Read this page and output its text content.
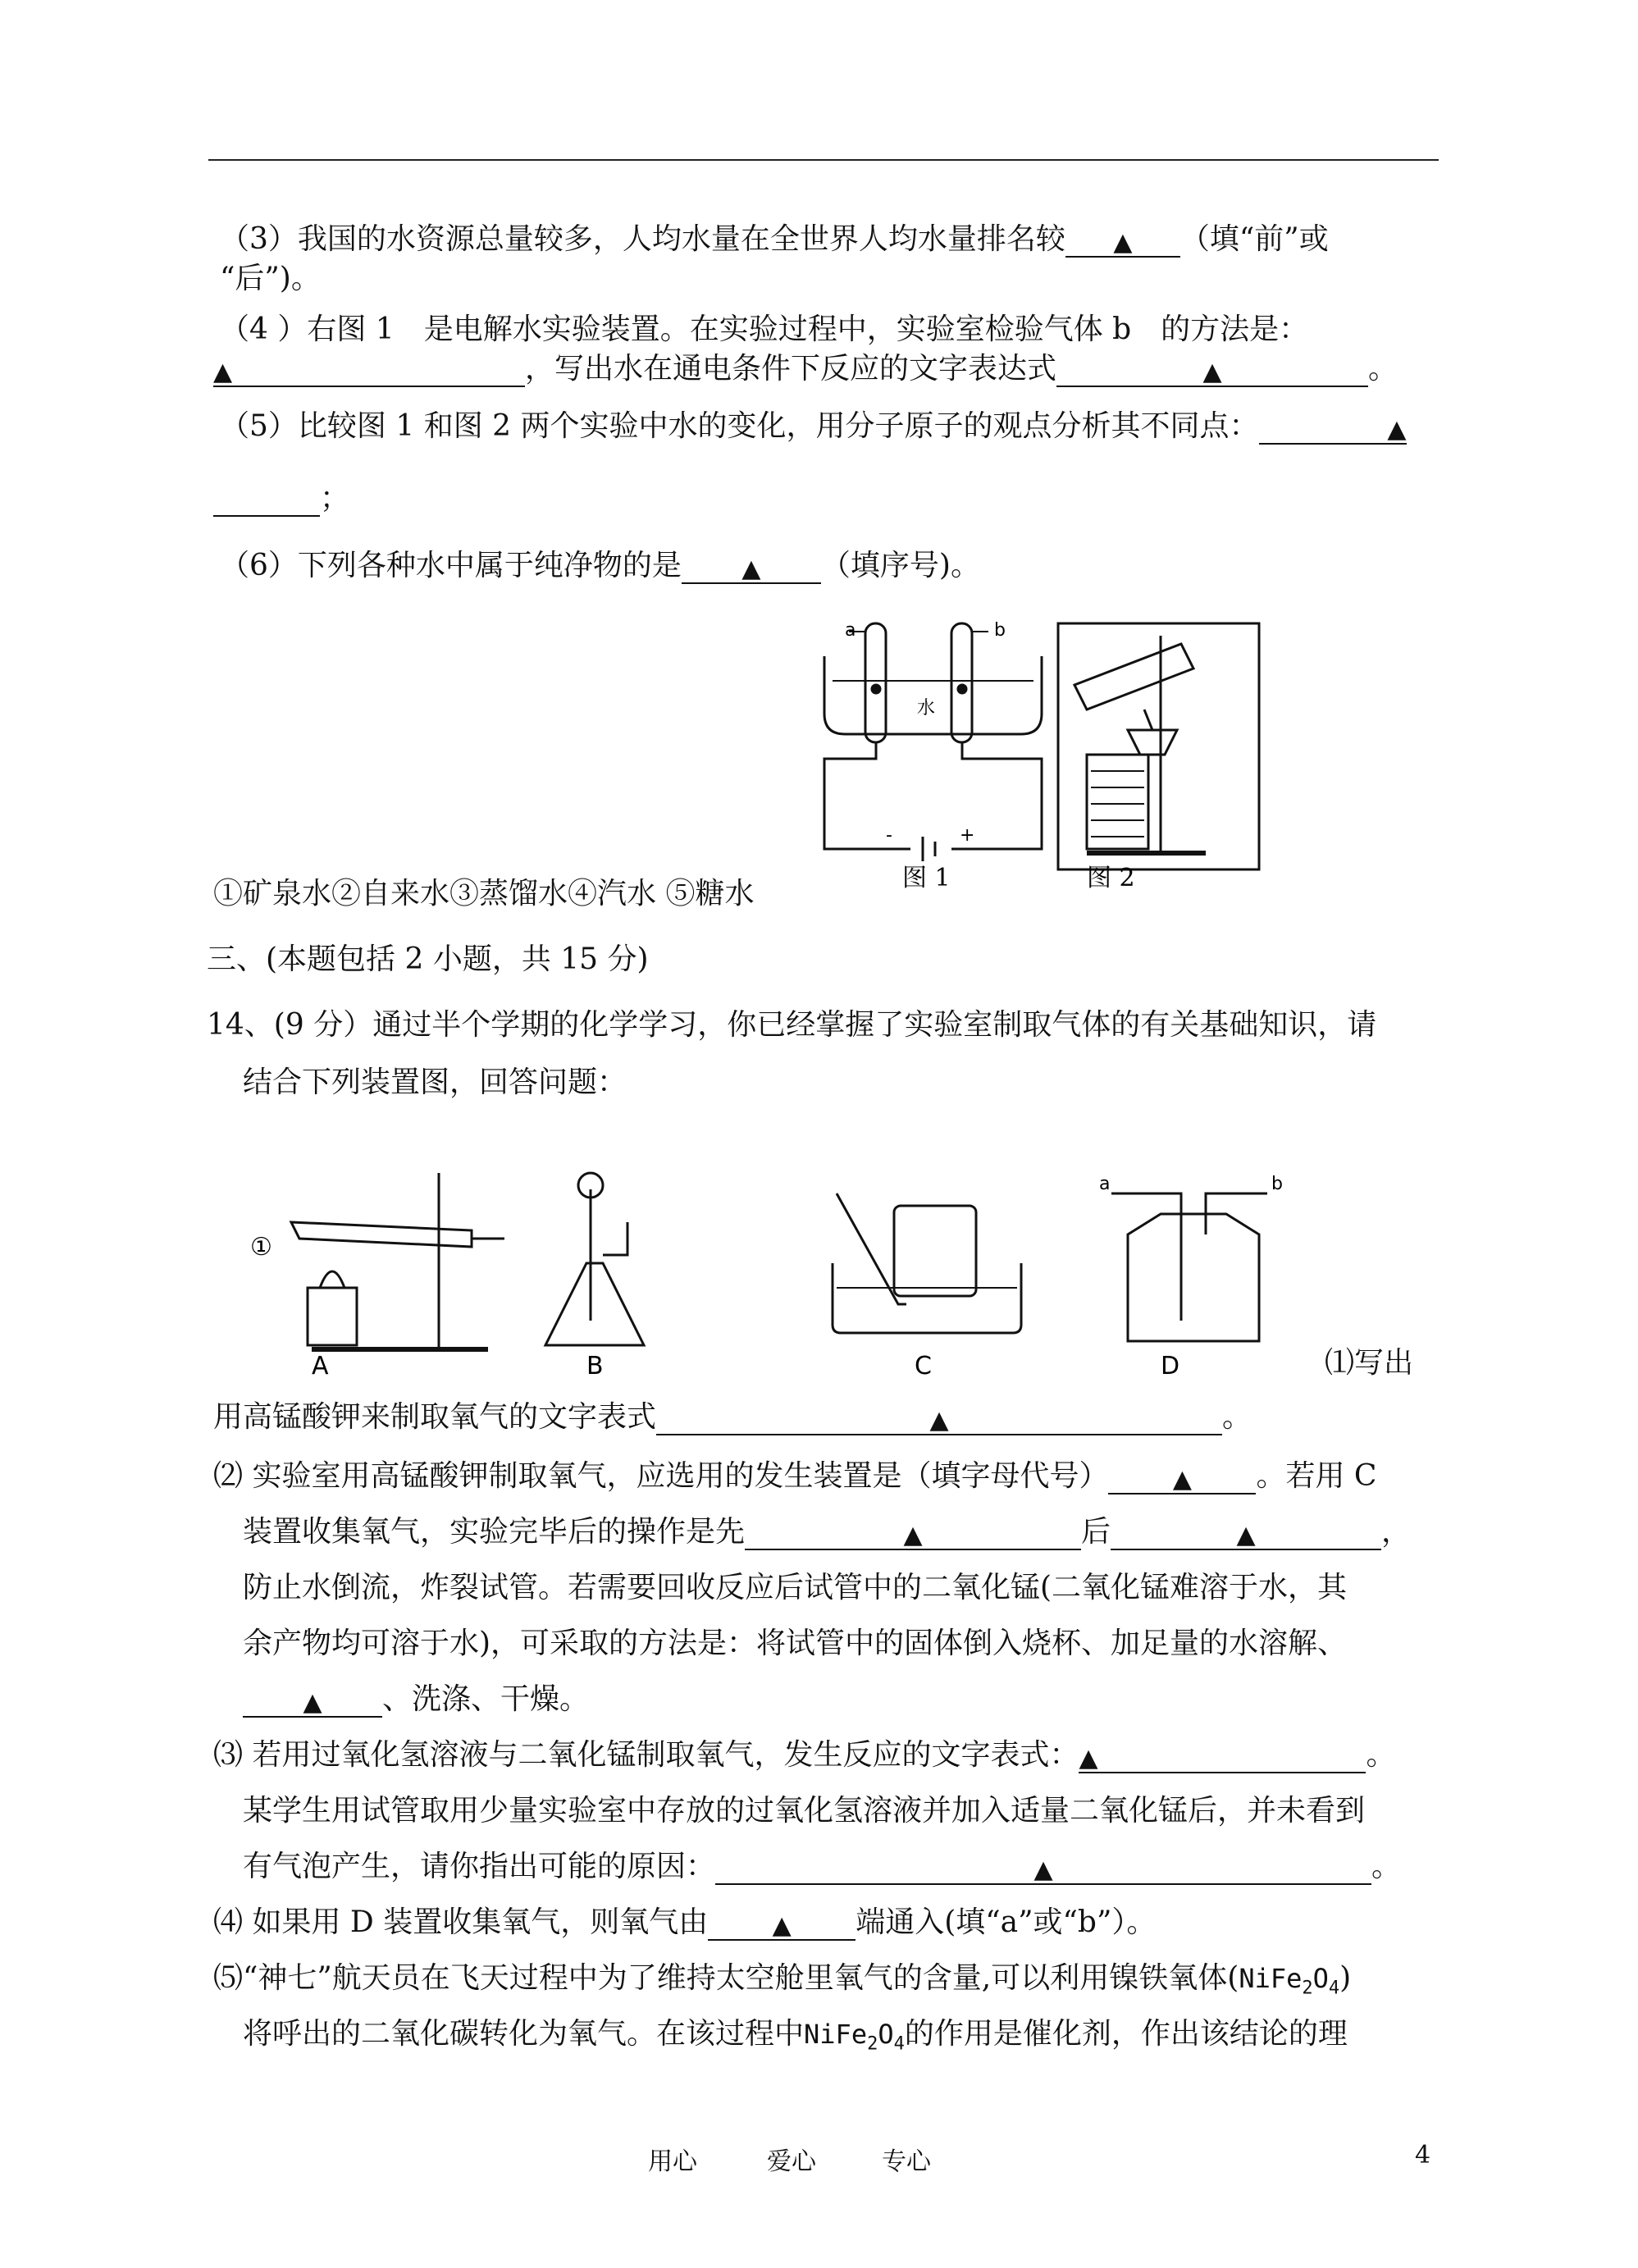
（3）我国的水资源总量较多，人均水量在全世界人均水量排名较 ▲ （填“前”或
“后”)。
（4 ）右图 1　是电解水实验装置。在实验过程中，实验室检验气体 b　的方法是：
▲	，写出水在通电条件下反应的文字表达式	▲	。
（5）比较图 1 和图 2 两个实验中水的变化，用分子原子的观点分析其不同点：	▲
；
（6）下列各种水中属于纯净物的是 ▲ （填序号)。
a	b
水
-	+
图 1	图 2
①矿泉水②自来水③蒸馏水④汽水 ⑤糖水
三、(本题包括 2 小题，共 15 分)
14、(9 分）通过半个学期的化学学习，你已经掌握了实验室制取气体的有关基础知识，请
结合下列装置图，回答问题：
①
A	B	C
a	b
D	⑴写出
用高锰酸钾来制取氧气的文字表式	▲	。
⑵ 实验室用高锰酸钾制取氧气，应选用的发生装置是（填字母代号）	▲ 。若用 C
装置收集氧气，实验完毕后的操作是先	▲	后	▲	，
防止水倒流，炸裂试管。若需要回收反应后试管中的二氧化锰(二氧化锰难溶于水，其
余产物均可溶于水)，可采取的方法是：将试管中的固体倒入烧杯、加足量的水溶解、
▲ 、洗涤、干燥。
⑶ 若用过氧化氢溶液与二氧化锰制取氧气，发生反应的文字表式：▲	。
某学生用试管取用少量实验室中存放的过氧化氢溶液并加入适量二氧化锰后，并未看到
有气泡产生，请你指出可能的原因：	▲	。
⑷ 如果用 D 装置收集氧气，则氧气由	▲ 端通入(填“a”或“b”）。
⑸“神七”航天员在飞天过程中为了维持太空舱里氧气的含量,可以利用镍铁氧体$(NiFe_2O_4)$
将呼出的二氧化碳转化为氧气。在该过程中$NiFe_2O_4$的作用是催化剂，作出该结论的理
用心	爱心	专心	4
